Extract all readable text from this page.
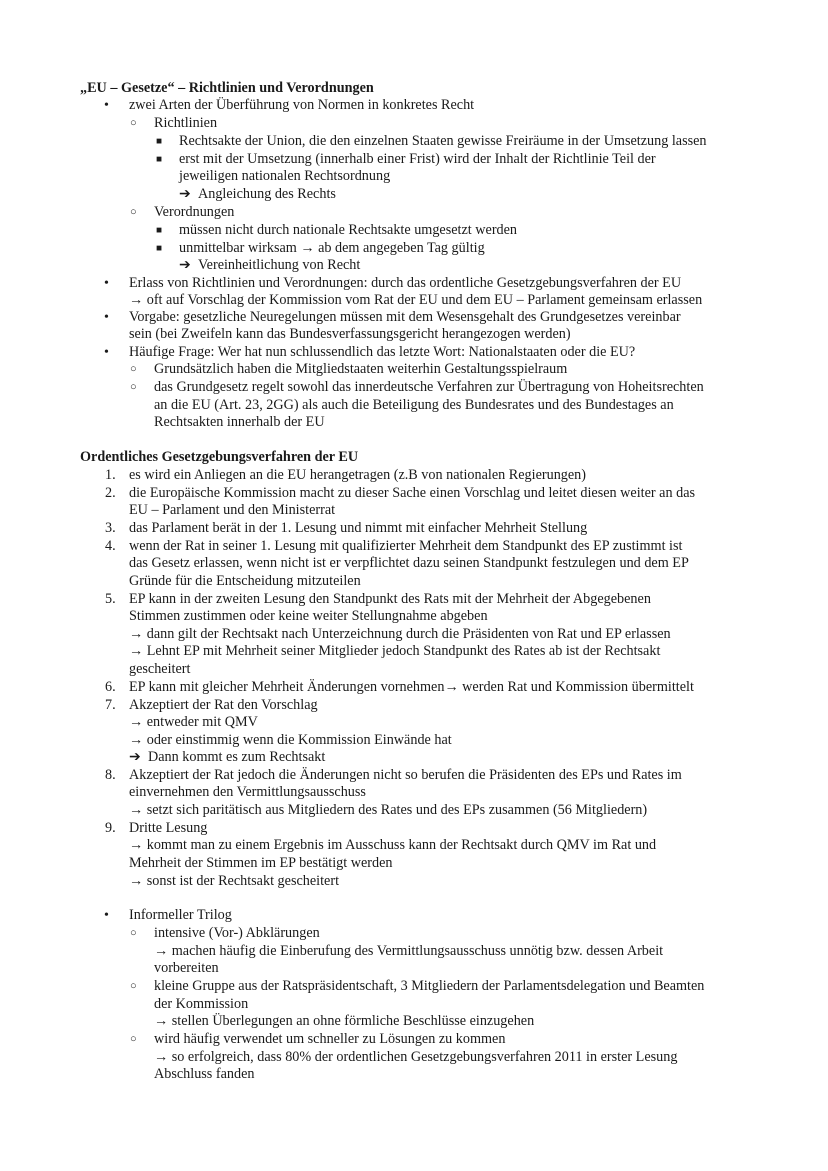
„EU – Gesetze“ – Richtlinien und Verordnungen
• zwei Arten der Überführung von Normen in konkretes Recht
○ Richtlinien
■ Rechtsakte der Union, die den einzelnen Staaten gewisse Freiräume in der Umsetzung lassen
■ erst mit der Umsetzung (innerhalb einer Frist) wird der Inhalt der Richtlinie Teil der
jeweiligen nationalen Rechtsordnung
➔ Angleichung des Rechts
○ Verordnungen
■ müssen nicht durch nationale Rechtsakte umgesetzt werden
■ unmittelbar wirksam → ab dem angegeben Tag gültig
➔ Vereinheitlichung von Recht
• Erlass von Richtlinien und Verordnungen: durch das ordentliche Gesetzgebungsverfahren der EU
→ oft auf Vorschlag der Kommission vom Rat der EU und dem EU – Parlament gemeinsam erlassen
• Vorgabe: gesetzliche Neuregelungen müssen mit dem Wesensgehalt des Grundgesetzes vereinbar
sein (bei Zweifeln kann das Bundesverfassungsgericht herangezogen werden)
• Häufige Frage: Wer hat nun schlussendlich das letzte Wort: Nationalstaaten oder die EU?
○ Grundsätzlich haben die Mitgliedstaaten weiterhin Gestaltungsspielraum
○ das Grundgesetz regelt sowohl das innerdeutsche Verfahren zur Übertragung von Hoheitsrechten
an die EU (Art. 23, 2GG) als auch die Beteiligung des Bundesrates und des Bundestages an
Rechtsakten innerhalb der EU
Ordentliches Gesetzgebungsverfahren der EU
1. es wird ein Anliegen an die EU herangetragen (z.B von nationalen Regierungen)
2. die Europäische Kommission macht zu dieser Sache einen Vorschlag und leitet diesen weiter an das
EU – Parlament und den Ministerrat
3. das Parlament berät in der 1. Lesung und nimmt mit einfacher Mehrheit Stellung
4. wenn der Rat in seiner 1. Lesung mit qualifizierter Mehrheit dem Standpunkt des EP zustimmt ist
das Gesetz erlassen, wenn nicht ist er verpflichtet dazu seinen Standpunkt festzulegen und dem EP
Gründe für die Entscheidung mitzuteilen
5. EP kann in der zweiten Lesung den Standpunkt des Rats mit der Mehrheit der Abgegebenen
Stimmen zustimmen oder keine weiter Stellungnahme abgeben
→ dann gilt der Rechtsakt nach Unterzeichnung durch die Präsidenten von Rat und EP erlassen
→ Lehnt EP mit Mehrheit seiner Mitglieder jedoch Standpunkt des Rates ab ist der Rechtsakt
gescheitert
6. EP kann mit gleicher Mehrheit Änderungen vornehmen→ werden Rat und Kommission übermittelt
7. Akzeptiert der Rat den Vorschlag
→ entweder mit QMV
→ oder einstimmig wenn die Kommission Einwände hat
➔ Dann kommt es zum Rechtsakt
8. Akzeptiert der Rat jedoch die Änderungen nicht so berufen die Präsidenten des EPs und Rates im
einvernehmen den Vermittlungsausschuss
→ setzt sich paritätisch aus Mitgliedern des Rates und des EPs zusammen (56 Mitgliedern)
9. Dritte Lesung
→ kommt man zu einem Ergebnis im Ausschuss kann der Rechtsakt durch QMV im Rat und
Mehrheit der Stimmen im EP bestätigt werden
→ sonst ist der Rechtsakt gescheitert
• Informeller Trilog
○ intensive (Vor-) Abklärungen
→ machen häufig die Einberufung des Vermittlungsausschuss unnötig bzw. dessen Arbeit
vorbereiten
○ kleine Gruppe aus der Ratspräsidentschaft, 3 Mitgliedern der Parlamentsdelegation und Beamten
der Kommission
→ stellen Überlegungen an ohne förmliche Beschlüsse einzugehen
○ wird häufig verwendet um schneller zu Lösungen zu kommen
→ so erfolgreich, dass 80% der ordentlichen Gesetzgebungsverfahren 2011 in erster Lesung
Abschluss fanden
